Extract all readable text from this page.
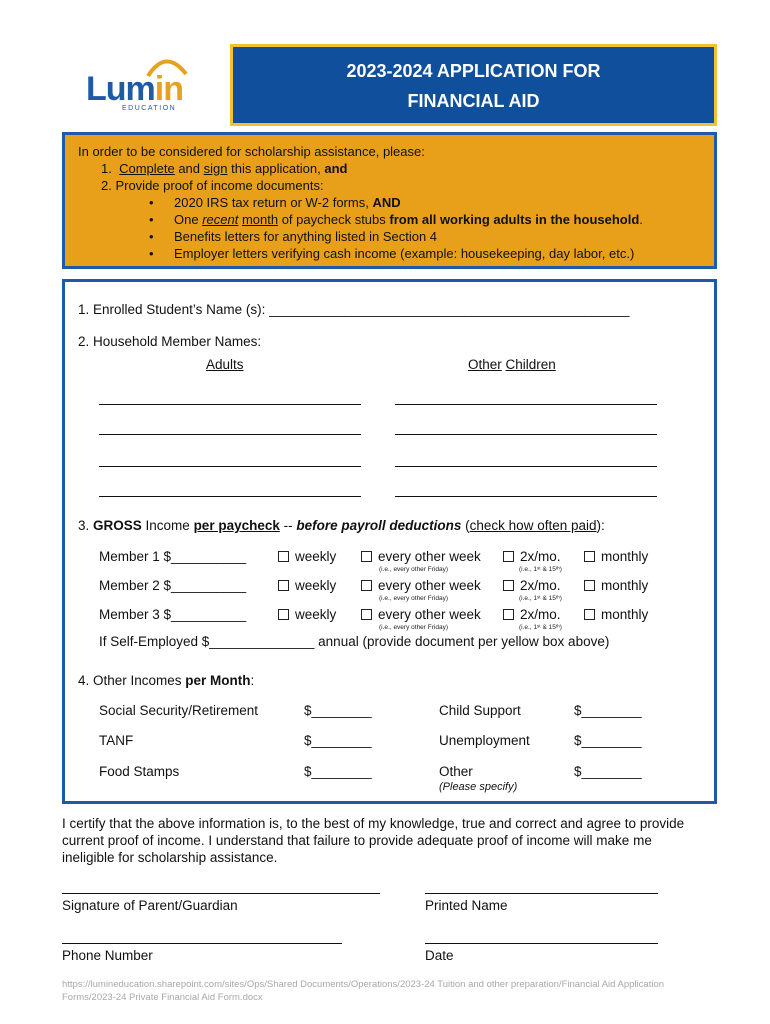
Lumin
EDUCATION
2023-2024 APPLICATION FOR
FINANCIAL AID
In order to be considered for scholarship assistance, please:
1. Complete and sign this application, and
2. Provide proof of income documents:
• 2020 IRS tax return or W-2 forms, AND
• One recent month of paycheck stubs from all working adults in the household.
• Benefits letters for anything listed in Section 4
• Employer letters verifying cash income (example: housekeeping, day labor, etc.)
1. Enrolled Student’s Name (s): ________________________________________________
2. Household Member Names:
Adults	Other Children
3. GROSS Income per paycheck -- before payroll deductions (check how often paid):
Member 1 $__________	weekly	every other week	2x/mo.	monthly
(i.e., every other Friday)	(i.e., 1ˢᵗ & 15ᵗʰ)
Member 2 $__________	weekly	every other week	2x/mo.	monthly
(i.e., every other Friday)	(i.e., 1ˢᵗ & 15ᵗʰ)
Member 3 $__________	weekly	every other week	2x/mo.	monthly
(i.e., every other Friday)	(i.e., 1ˢᵗ & 15ᵗʰ)
If Self-Employed $______________ annual (provide document per yellow box above)
4. Other Incomes per Month:
Social Security/Retirement	$________	Child Support	$________
TANF	$________	Unemployment	$________
Food Stamps	$________	Other	$________
(Please specify)
I certify that the above information is, to the best of my knowledge, true and correct and agree to provide
current proof of income. I understand that failure to provide adequate proof of income will make me
ineligible for scholarship assistance.
Signature of Parent/Guardian	Printed Name
Phone Number	Date
https://lumineducation.sharepoint.com/sites/Ops/Shared Documents/Operations/2023-24 Tuition and other preparation/Financial Aid Application
Forms/2023-24 Private Financial Aid Form.docx
